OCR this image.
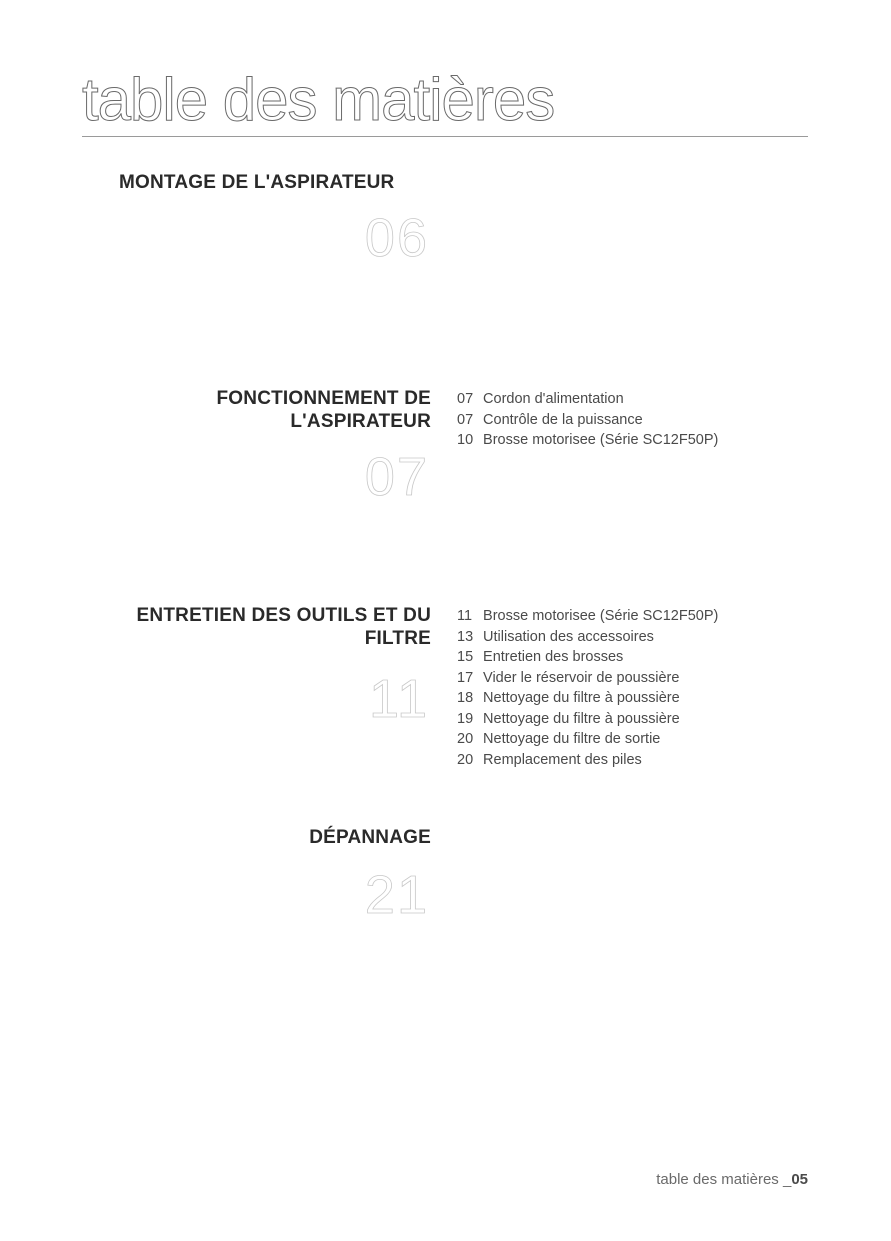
table des matières
MONTAGE DE L'ASPIRATEUR
06
FONCTIONNEMENT DE
L'ASPIRATEUR
07
07 Cordon d'alimentation
07 Contrôle de la puissance
10 Brosse motorisee (Série SC12F50P)
ENTRETIEN DES OUTILS ET DU
FILTRE
11
11 Brosse motorisee (Série SC12F50P)
13 Utilisation des accessoires
15 Entretien des brosses
17 Vider le réservoir de poussière
18 Nettoyage du filtre à poussière
19 Nettoyage du filtre à poussière
20 Nettoyage du filtre de sortie
20 Remplacement des piles
DÉPANNAGE
21
table des matières _05
